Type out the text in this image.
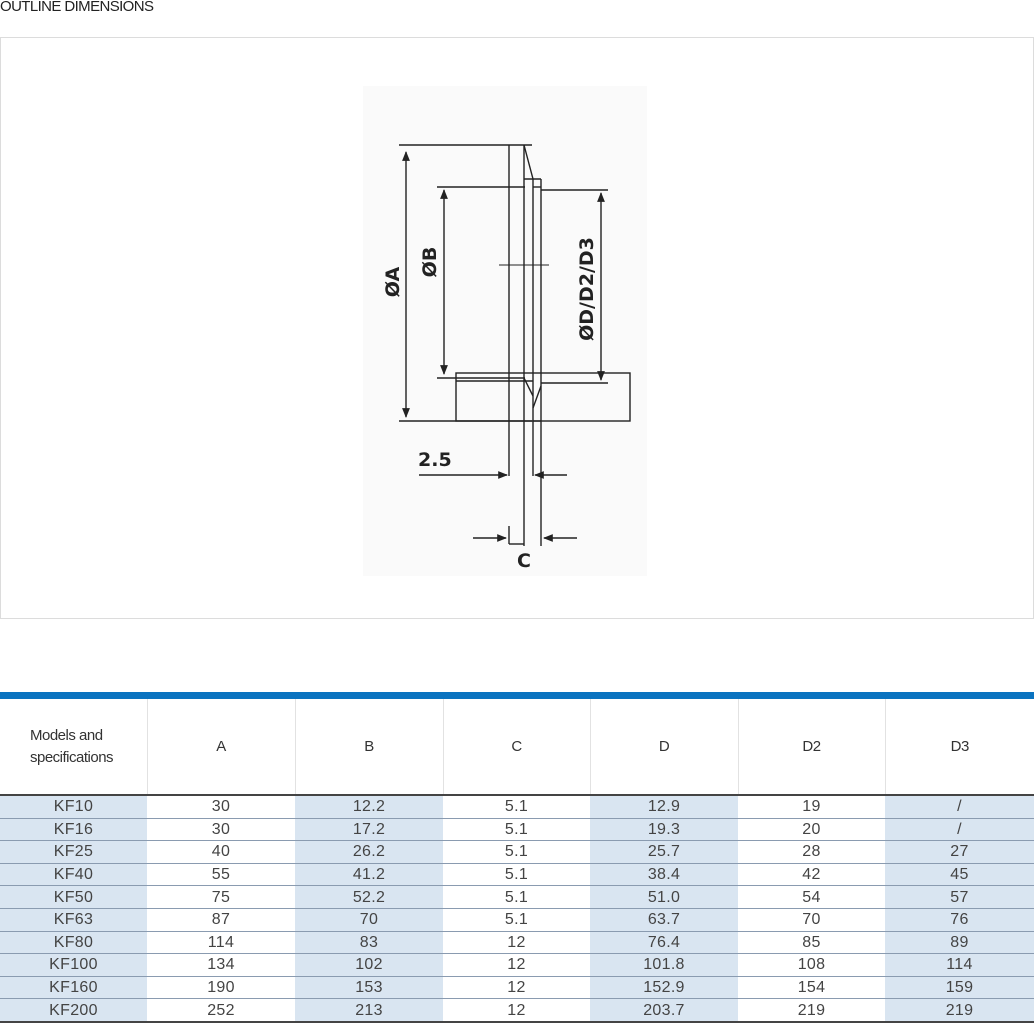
OUTLINE DIMENSIONS
ØA
ØB	ØD/D2/D3
2.5
C
Models and specifications	A	B	C	D	D2	D3
KF10	30	12.2	5.1	12.9	19	/
KF16	30	17.2	5.1	19.3	20	/
KF25	40	26.2	5.1	25.7	28	27
KF40	55	41.2	5.1	38.4	42	45
KF50	75	52.2	5.1	51.0	54	57
KF63	87	70	5.1	63.7	70	76
KF80	114	83	12	76.4	85	89
KF100	134	102	12	101.8	108	114
KF160	190	153	12	152.9	154	159
KF200	252	213	12	203.7	219	219
